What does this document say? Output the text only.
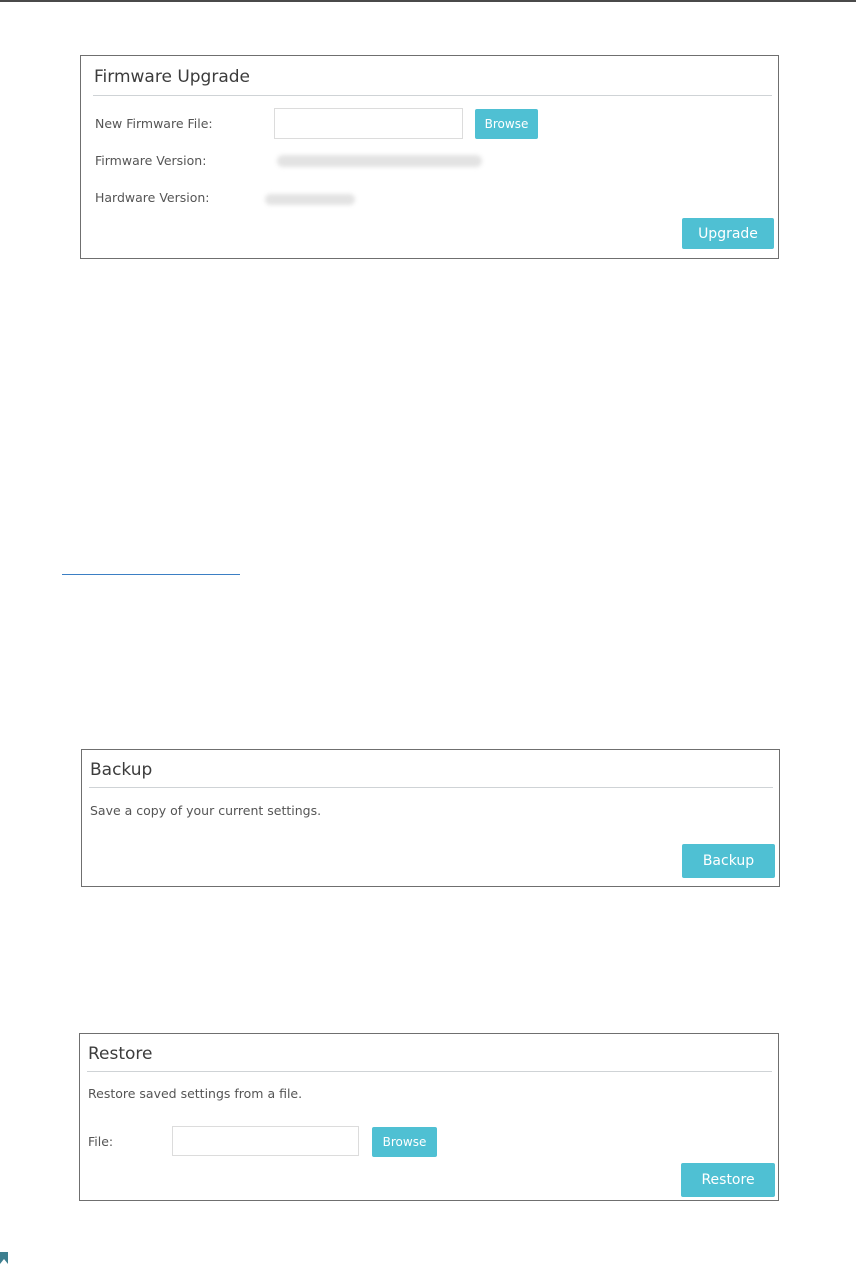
Firmware Upgrade
New Firmware File:	Browse
Firmware Version:
Hardware Version:
Upgrade
Backup
Save a copy of your current settings.
Backup
Restore
Restore saved settings from a file.
File:	Browse
Restore
